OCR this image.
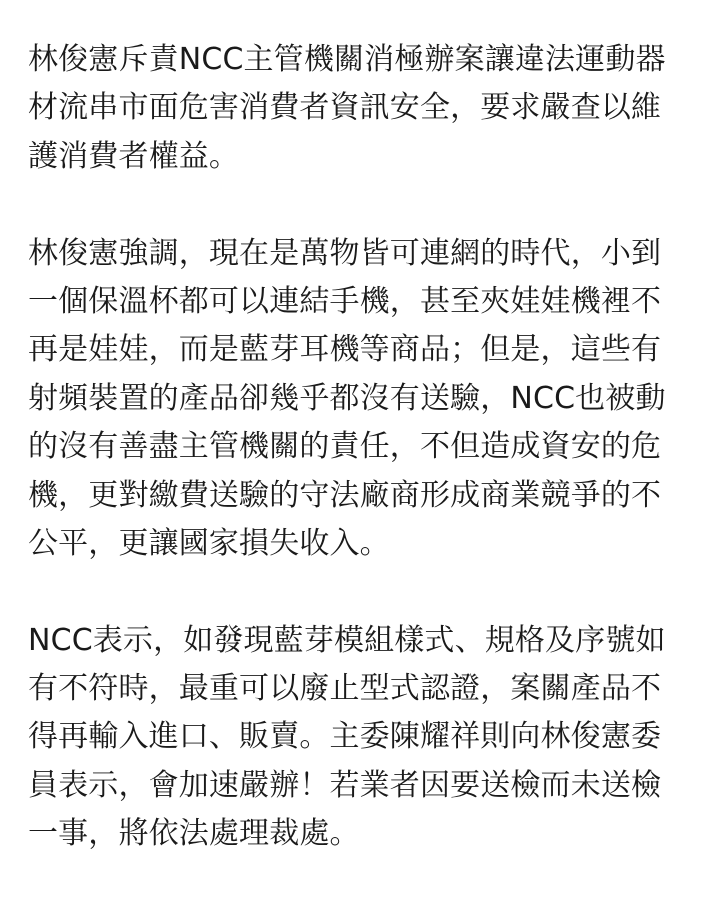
林俊憲斥責NCC主管機關消極辦案讓違法運動器
材流串市面危害消費者資訊安全，要求嚴查以維
護消費者權益。

林俊憲強調，現在是萬物皆可連網的時代，小到
一個保溫杯都可以連結手機，甚至夾娃娃機裡不
再是娃娃，而是藍芽耳機等商品；但是，這些有
射頻裝置的產品卻幾乎都沒有送驗，NCC也被動
的沒有善盡主管機關的責任，不但造成資安的危
機，更對繳費送驗的守法廠商形成商業競爭的不
公平，更讓國家損失收入。

NCC表示，如發現藍芽模組樣式、規格及序號如
有不符時，最重可以廢止型式認證，案關產品不
得再輸入進口、販賣。主委陳耀祥則向林俊憲委
員表示，會加速嚴辦！若業者因要送檢而未送檢
一事，將依法處理裁處。
